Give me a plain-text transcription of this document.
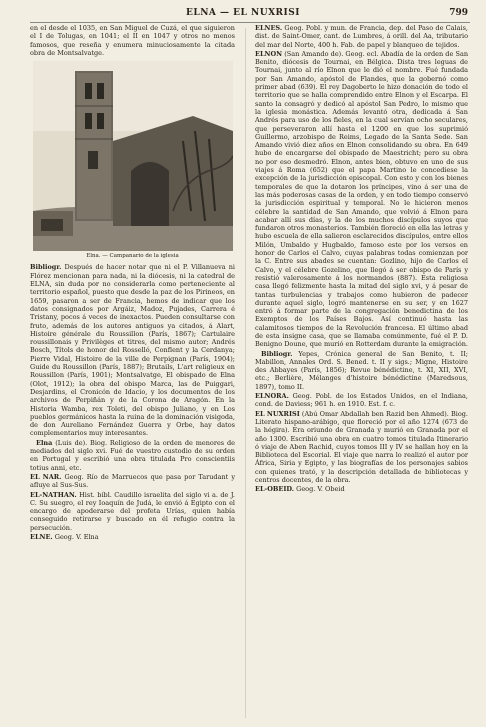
ELNA — EL NUXRISI	799

en el desde el 1035, en San Miguel de Cuzá, el que siguieron el I de Tolugas, en 1041; el II en 1047 y otros no menos famosos, que reseña y enumera minuciosamente la citada obra de Montsalvatge.

Elna. — Campanario de la iglesia

Bibliogr. Después de hacer notar que ni el P. Villanueva ni Flórez mencionan para nada, ni la diócesis, ni la catedral de ELNA, sin duda por no considerarla como perteneciente al territorio español, puesto que desde la paz de los Pirineos, en 1659, pasaron a ser de Francia, hemos de indicar que los datos consignados por Argáiz, Madoz, Pujades, Carrera é Tristany, pocos á veces de inexactos. Pueden consultarse con fruto, además de los autores antiguos ya citados, á Alart, Histoire générale du Roussillon (París, 1867); Cartulaire roussillonais y Privilèges et titres, del mismo autor; Andrés Bosch, Títols de honor del Rosselló, Conflent y la Cerdanya; Pierre Vidal, Histoire de la ville de Perpignan (París, 1904); Guide du Roussillon (París, 1887); Brutails, L'art religieux en Roussillon (París, 1901); Montsalvatge, El obispado de Elna (Olot, 1912); la obra del obispo Marca, las de Puiggari, Desjardins, el Cronicón de Idacio, y los documentos de los archivos de Perpiñán y de la Corona de Aragón. En la Historia Wamba, rex Toleti, del obispo Juliano, y en Los pueblos germánicos hasta la ruina de la dominación visigoda, de don Aureliano Fernández Guerra y Orbe, hay datos complementarios muy interesantes.

Elna (Luis de). Biog. Religioso de la orden de menores de mediados del siglo xvi. Fué de vuestro custodio de su orden en Portugal y escribió una obra titulada Pro conscientiis totius anni, etc.

EL NAR. Geog. Río de Marruecos que pasa por Tarudant y afluye al Sus-Sus.

EL-NATHAN. Hist. bíbl. Caudillo israelita del siglo vi a. de J. C. Su suegro, el rey Ioaquín de Judá, le envió á Egipto con el encargo de apoderarse del profeta Urías, quien había conseguido retirarse y buscado en él refugio contra la persecución.

ELNE. Geog. V. Elna

ELNES. Geog. Pobl. y mun. de Francia, dep. del Paso de Calais, dist. de Saint-Omer, cant. de Lumbres, á orill. del Aa, tributario del mar del Norte, 400 h. Fab. de papel y blanqueo de tejidos.

ELNON (San Amando de). Geog. ecl. Abadía de la orden de San Benito, diócesis de Tournai, en Bélgica. Dista tres leguas de Tournai, junto al río Elnon que le dió el nombre. Fué fundada por San Amando, apóstol de Flandes, que la gobernó como primer abad (639). El rey Dagoberto le hizo donación de todo el territorio que se halla comprendido entre Elnon y el Escarpa. El santo la consagró y dedicó al apóstol San Pedro, lo mismo que la iglesia monástica. Además levantó otra, dedicada á San Andrés para uso de los fieles, en la cual servían ocho seculares, que perseveraron allí hasta el 1200 en que los suprimió Guillermo, arzobispo de Reims, Legado de la Santa Sede. San Amando vivió diez años en Elnon consolidando su obra. En 649 hubo de encargarse del obispado de Maestricht; pero su obra no por eso desmedró. Elnon, antes bien, obtuvo en uno de sus viajes á Roma (652) que el papa Martino le concediese la excepción de la jurisdicción episcopal. Con esto y con los bienes temporales de que la dotaron los príncipes, vino á ser una de las más poderosas casas de la orden, y en todo tiempo conservó la jurisdicción espiritual y temporal. No le hicieron menos célebre la santidad de San Amando, que volvió á Elnon para acabar allí sus días, y la de los muchos discípulos suyos que fundaron otros monasterios. También floreció en ella las letras y hubo escuela de ella salieron esclarecidos discípulos, entre ellos Milón, Umbaldo y Hugbaldo, famoso este por los versos en honor de Carlos el Calvo, cuyas palabras todas comienzan por la C. Entre sus abades se cuentan: Gozlino, hijo de Carlos el Calvo, y el célebre Gozelino, que llegó á ser obispo de París y resistió valerosamente á los normandos (887). Esta religiosa casa llegó felizmente hasta la mitad del siglo xvi, y á pesar de tantas turbulencias y trabajos como hubieron de padecer durante aquel siglo, logró mantenerse en su ser, y en 1627 entró á formar parte de la congregación benedictina de los Exemptos de los Países Bajos. Así continuó hasta las calamitosos tiempos de la Revolución francesa. El último abad de esta insigne casa, que se llamaba comúnmente, fué el P. D. Benigno Doune, que murió en Rotterdam durante la emigración.

Bibliogr. Yepes, Crónica general de San Benito, t. II; Mabillon, Annales Ord. S. Bened. t. II y sigs.; Migne, Histoire des Abbayes (París, 1856); Revue bénédictine, t. XI, XII, XVI, etc.; Berlière, Mélanges d'histoire bénédictine (Maredsous, 1897), tomo II.

ELNORA. Geog. Pobl. de los Estados Unidos, en el Indiana, cond. de Daviess; 961 h. en 1910. Est. f. c.

EL NUXRISI (Abú Omar Abdallah ben Razid ben Ahmed). Biog. Literato hispano-arábigo, que floreció por el año 1274 (673 de la hégira). Era oriundo de Granada y murió en Granada por el año 1300. Escribió una obra en cuatro tomos titulada Itinerario ó viaje de Aben Rachid, cuyos tomos III y IV se hallan hoy en la Biblioteca del Escorial. El viaje que narra lo realizó el autor por África, Siria y Egipto, y las biografías de los personajes sabios con quienes trató, y la descripción detallada de bibliotecas y centros docentes, de la obra.

EL-OBEID. Geog. V. Obeid
